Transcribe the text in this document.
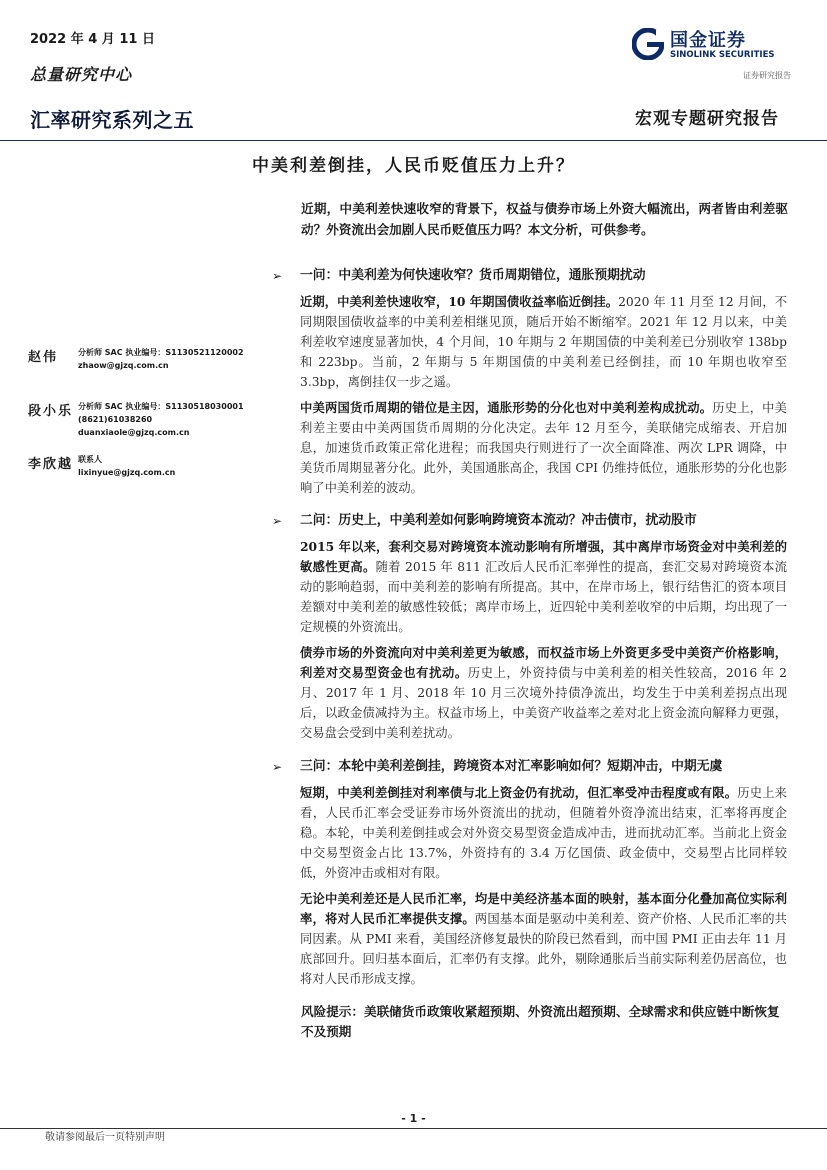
2022 年 4 月 11 日
总量研究中心
汇率研究系列之五	宏观专题研究报告
国金证券
SINOLINK SECURITIES
证券研究报告
中美利差倒挂，人民币贬值压力上升？
近期，中美利差快速收窄的背景下，权益与债券市场上外资大幅流出，两者皆由利差驱动？外资流出会加剧人民币贬值压力吗？本文分析，可供参考。
赵伟 分析师 SAC 执业编号：S1130521120002
zhaow@gjzq.com.cn
段小乐 分析师 SAC 执业编号：S1130518030001
(8621)61038260
duanxiaole@gjzq.com.cn
李欣越 联系人
lixinyue@gjzq.com.cn
➢ 一问：中美利差为何快速收窄？货币周期错位，通胀预期扰动
近期，中美利差快速收窄，10 年期国债收益率临近倒挂。2020 年 11 月至 12 月间，不同期限国债收益率的中美利差相继见顶，随后开始不断缩窄。2021 年 12 月以来，中美利差收窄速度显著加快，4 个月间，10 年期与 2 年期国债的中美利差已分别收窄 138bp 和 223bp。当前，2 年期与 5 年期国债的中美利差已经倒挂，而 10 年期也收窄至 3.3bp，离倒挂仅一步之遥。
中美两国货币周期的错位是主因，通胀形势的分化也对中美利差构成扰动。历史上，中美利差主要由中美两国货币周期的分化决定。去年 12 月至今，美联储完成缩表、开启加息，加速货币政策正常化进程；而我国央行则进行了一次全面降准、两次 LPR 调降，中美货币周期显著分化。此外，美国通胀高企，我国 CPI 仍维持低位，通胀形势的分化也影响了中美利差的波动。
➢ 二问：历史上，中美利差如何影响跨境资本流动？冲击债市，扰动股市
2015 年以来，套利交易对跨境资本流动影响有所增强，其中离岸市场资金对中美利差的敏感性更高。随着 2015 年 811 汇改后人民币汇率弹性的提高，套汇交易对跨境资本流动的影响趋弱，而中美利差的影响有所提高。其中，在岸市场上，银行结售汇的资本项目差额对中美利差的敏感性较低；离岸市场上，近四轮中美利差收窄的中后期，均出现了一定规模的外资流出。
债券市场的外资流向对中美利差更为敏感，而权益市场上外资更多受中美资产价格影响，利差对交易型资金也有扰动。历史上，外资持债与中美利差的相关性较高，2016 年 2 月、2017 年 1 月、2018 年 10 月三次境外持债净流出，均发生于中美利差拐点出现后，以政金债减持为主。权益市场上，中美资产收益率之差对北上资金流向解释力更强，交易盘会受到中美利差扰动。
➢ 三问：本轮中美利差倒挂，跨境资本对汇率影响如何？短期冲击，中期无虞
短期，中美利差倒挂对利率债与北上资金仍有扰动，但汇率受冲击程度或有限。历史上来看，人民币汇率会受证券市场外资流出的扰动，但随着外资净流出结束，汇率将再度企稳。本轮，中美利差倒挂或会对外资交易型资金造成冲击，进而扰动汇率。当前北上资金中交易型资金占比 13.7%，外资持有的 3.4 万亿国债、政金债中，交易型占比同样较低，外资冲击或相对有限。
无论中美利差还是人民币汇率，均是中美经济基本面的映射，基本面分化叠加高位实际利率，将对人民币汇率提供支撑。两国基本面是驱动中美利差、资产价格、人民币汇率的共同因素。从 PMI 来看，美国经济修复最快的阶段已然看到，而中国 PMI 正由去年 11 月底部回升。回归基本面后，汇率仍有支撑。此外，剔除通胀后当前实际利差仍居高位，也将对人民币形成支撑。
风险提示：美联储货币政策收紧超预期、外资流出超预期、全球需求和供应链中断恢复不及预期
- 1 -
敬请参阅最后一页特别声明
